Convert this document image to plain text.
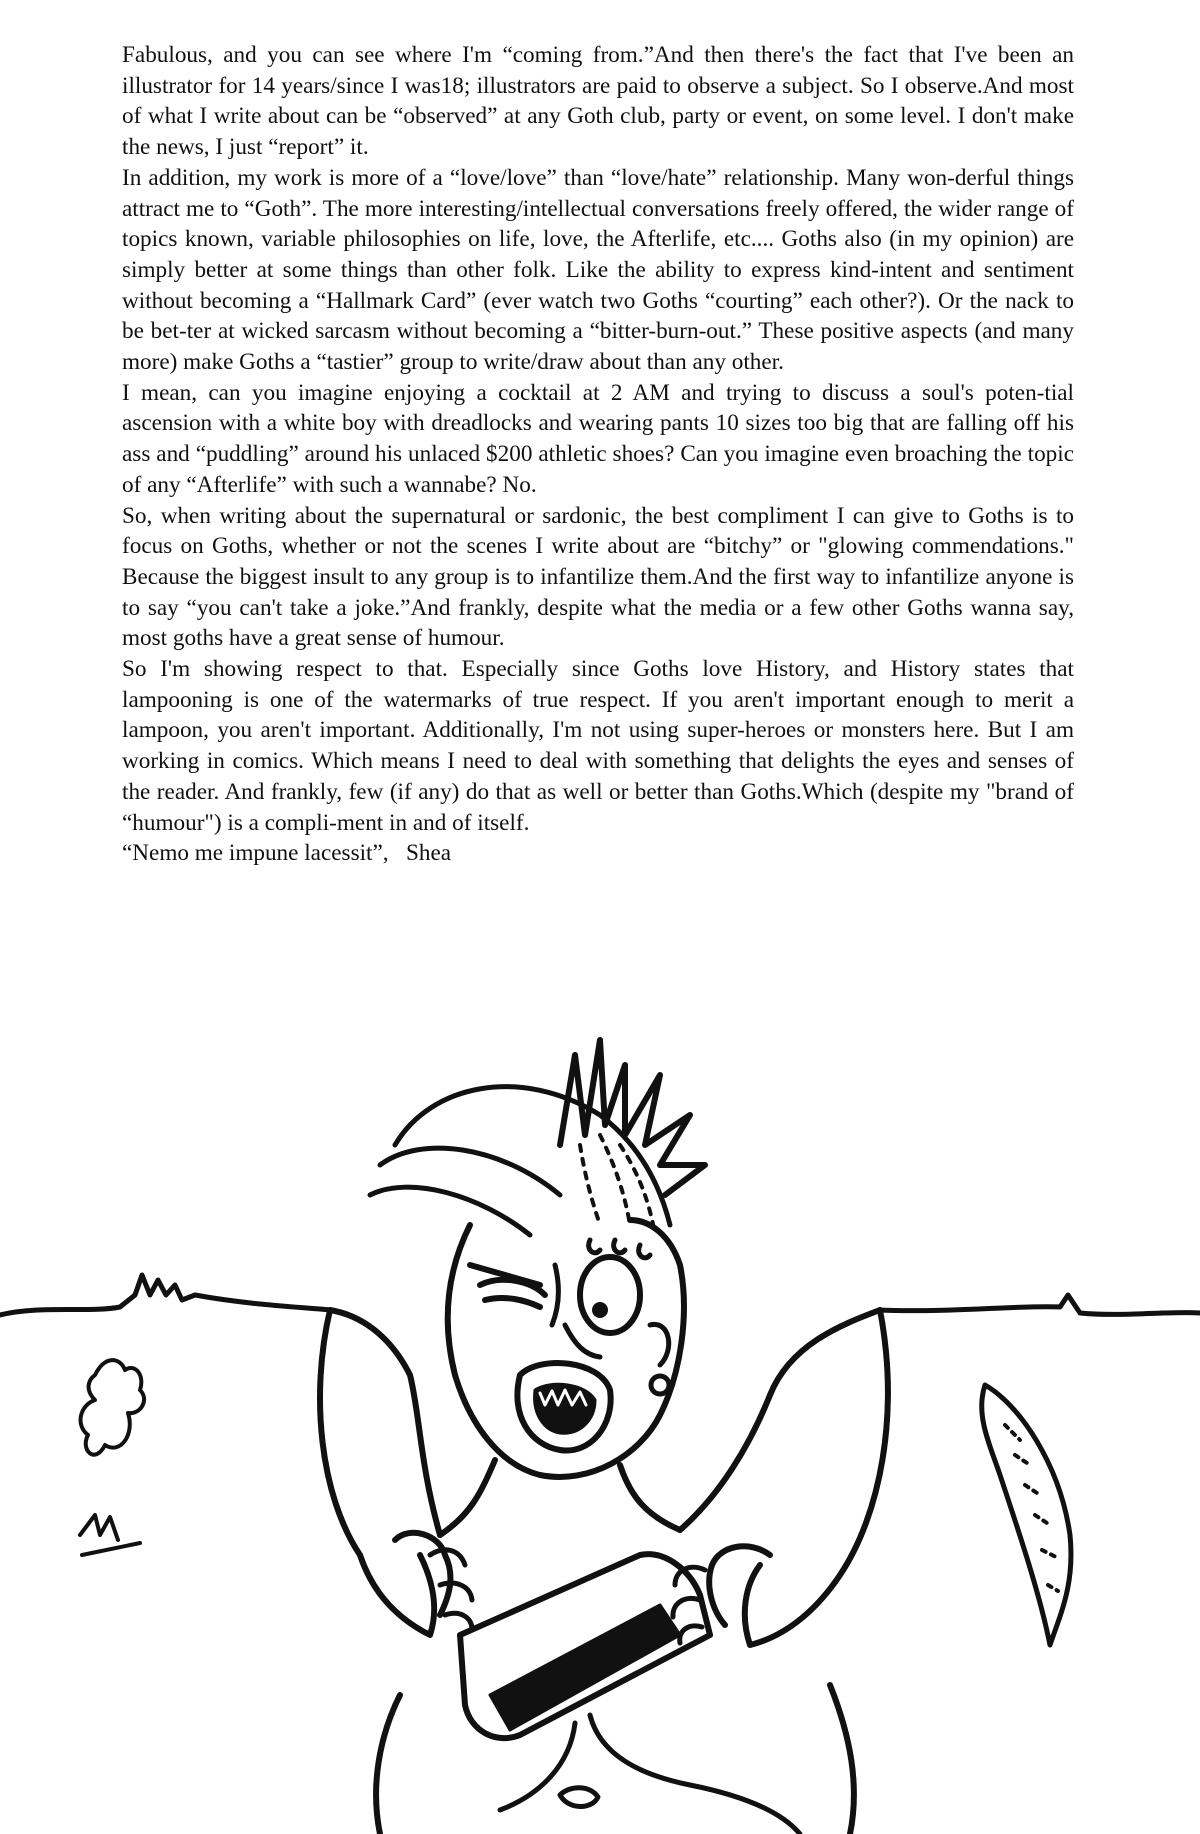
Fabulous, and you can see where I'm “coming from.”And then there's the fact that I've been an illustrator for 14 years/since I was18; illustrators are paid to observe a subject. So I observe.And most of what I write about can be “observed” at any Goth club, party or event, on some level. I don't make the news, I just “report” it.

In addition, my work is more of a “love/love” than “love/hate” relationship. Many won-derful things attract me to “Goth”. The more interesting/intellectual conversations freely offered, the wider range of topics known, variable philosophies on life, love, the Afterlife, etc.... Goths also (in my opinion) are simply better at some things than other folk. Like the ability to express kind-intent and sentiment without becoming a “Hallmark Card” (ever watch two Goths “courting” each other?). Or the nack to be bet-ter at wicked sarcasm without becoming a “bitter-burn-out.” These positive aspects (and many more) make Goths a “tastier” group to write/draw about than any other.

I mean, can you imagine enjoying a cocktail at 2 AM and trying to discuss a soul's poten-tial ascension with a white boy with dreadlocks and wearing pants 10 sizes too big that are falling off his ass and “puddling” around his unlaced $200 athletic shoes? Can you imagine even broaching the topic of any “Afterlife” with such a wannabe? No.

So, when writing about the supernatural or sardonic, the best compliment I can give to Goths is to focus on Goths, whether or not the scenes I write about are “bitchy” or "glowing commendations." Because the biggest insult to any group is to infantilize them.And the first way to infantilize anyone is to say “you can't take a joke.”And frankly, despite what the media or a few other Goths wanna say, most goths have a great sense of humour.

So I'm showing respect to that. Especially since Goths love History, and History states that lampooning is one of the watermarks of true respect. If you aren't important enough to merit a lampoon, you aren't important. Additionally, I'm not using super-heroes or monsters here. But I am working in comics. Which means I need to deal with something that delights the eyes and senses of the reader. And frankly, few (if any) do that as well or better than Goths.Which (despite my "brand of “humour") is a compli-ment in and of itself.

“Nemo me impune lacessit”,   Shea
